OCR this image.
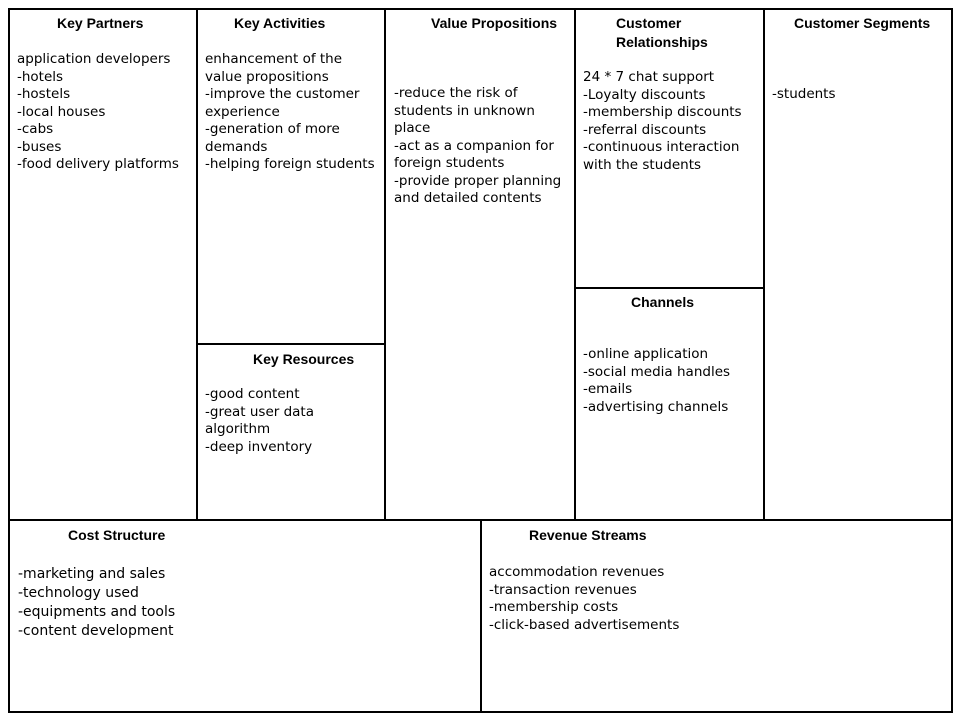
Key Partners
application developers
-hotels
-hostels
-local houses
-cabs
-buses
-food delivery platforms
Key Activities
enhancement of the value propositions
-improve the customer experience
-generation of more demands
-helping foreign students
Key Resources
-good content
-great user data algorithm
-deep inventory
Value Propositions
-reduce the risk of students in unknown place
-act as a companion for foreign students
-provide proper planning and detailed contents
Customer
Relationships
24 * 7 chat support
-Loyalty discounts
-membership discounts
-referral discounts
-continuous interaction with the students
Channels
-online application
-social media handles
-emails
-advertising channels
Customer Segments
-students
Cost Structure
-marketing and sales
-technology used
-equipments and tools
-content development
Revenue Streams
accommodation revenues
-transaction revenues
-membership costs
-click-based advertisements
